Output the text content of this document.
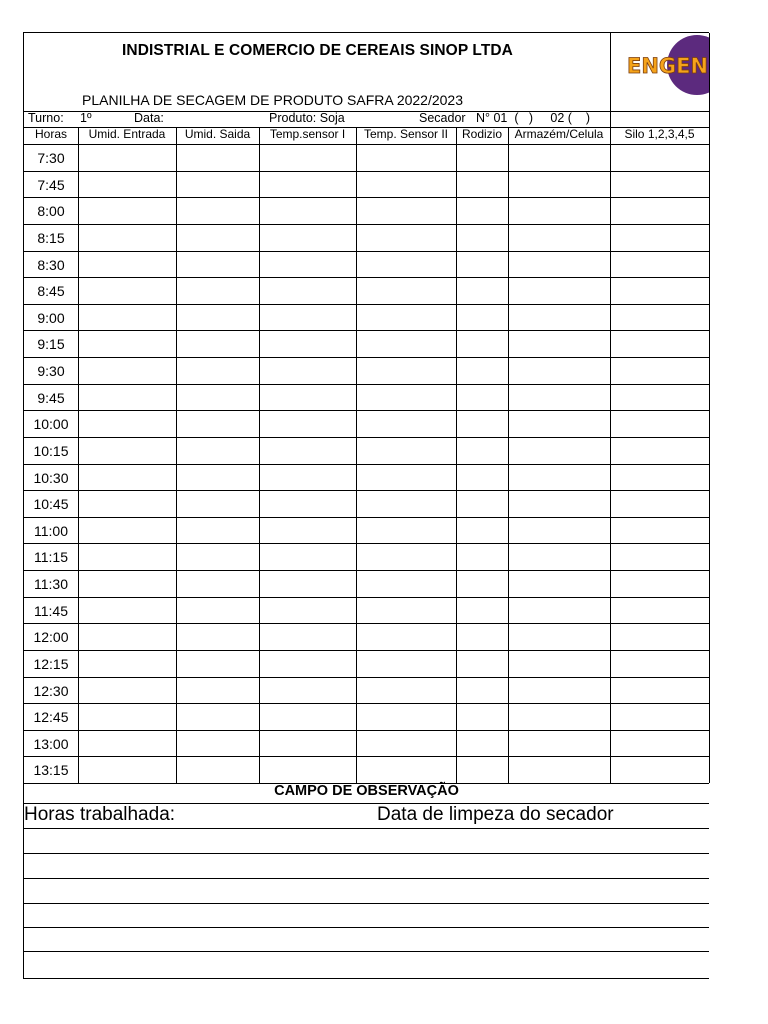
INDISTRIAL E COMERCIO DE CEREAIS SINOP LTDA
PLANILHA DE SECAGEM DE PRODUTO SAFRA 2022/2023
ENGEN
Turno: 1º	Data:	Produto: Soja	Secador   N° 01  (   )     02 (    )
CAMPO DE OBSERVAÇÃO
Horas trabalhada:	Data de limpeza do secador
Horas	Umid. Entrada	Umid. Saida	Temp.sensor I	Temp. Sensor II	Rodizio	Armazém/Celula	Silo 1,2,3,4,5
7:30
7:45
8:00
8:15
8:30
8:45
9:00
9:15
9:30
9:45
10:00
10:15
10:30
10:45
11:00
11:15
11:30
11:45
12:00
12:15
12:30
12:45
13:00
13:15
